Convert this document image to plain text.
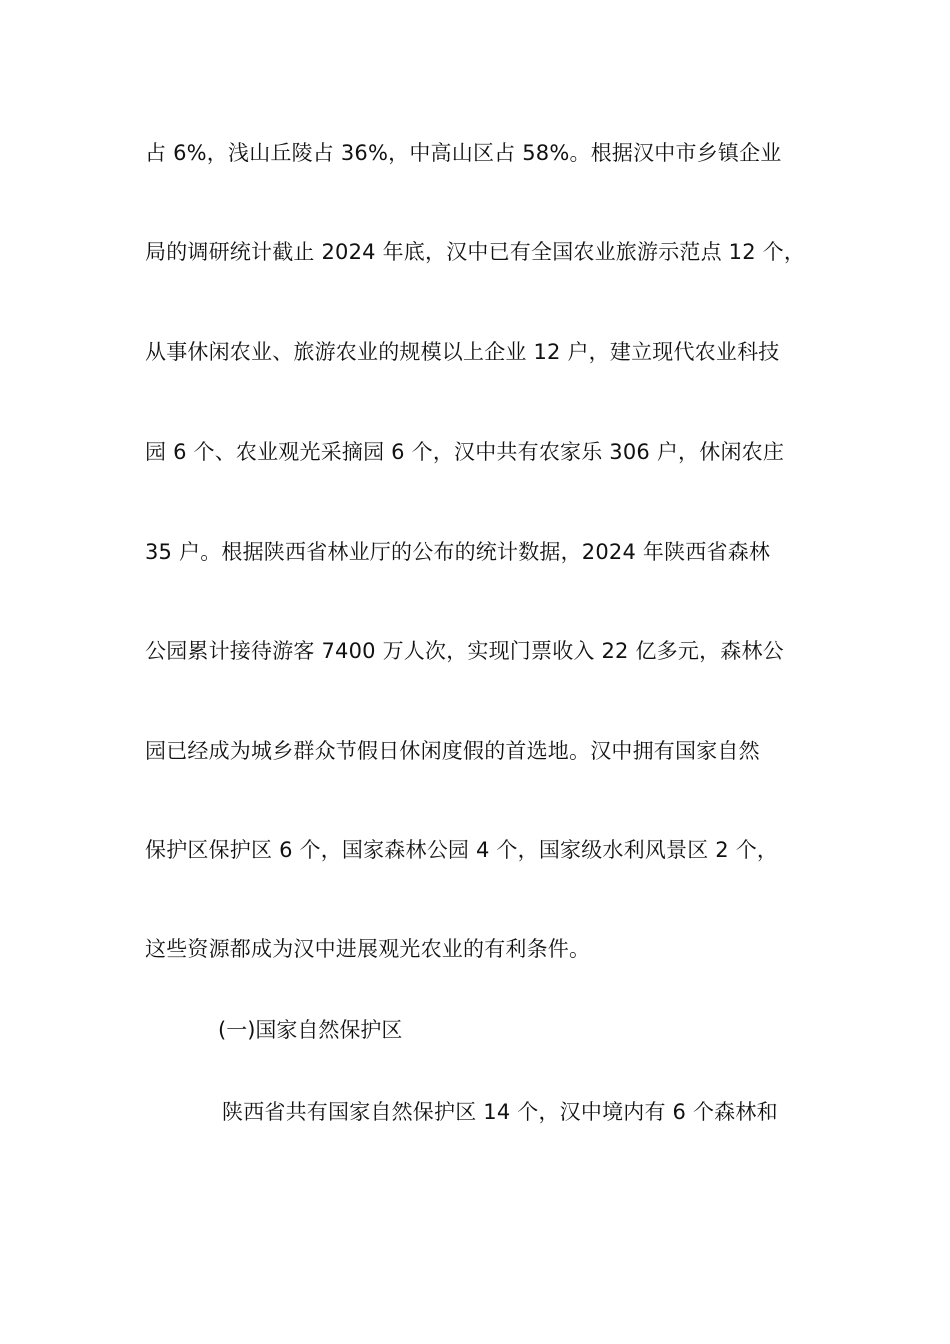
占 6%，浅山丘陵占 36%，中高山区占 58%。根据汉中市乡镇企业
局的调研统计截止 2024 年底，汉中已有全国农业旅游示范点 12 个，
从事休闲农业、旅游农业的规模以上企业 12 户，建立现代农业科技
园 6 个、农业观光采摘园 6 个，汉中共有农家乐 306 户，休闲农庄
35 户。根据陕西省林业厅的公布的统计数据，2024 年陕西省森林
公园累计接待游客 7400 万人次，实现门票收入 22 亿多元，森林公
园已经成为城乡群众节假日休闲度假的首选地。汉中拥有国家自然
保护区保护区 6 个，国家森林公园 4 个，国家级水利风景区 2 个，
这些资源都成为汉中进展观光农业的有利条件。
(一)国家自然保护区
陕西省共有国家自然保护区 14 个，汉中境内有 6 个森林和
